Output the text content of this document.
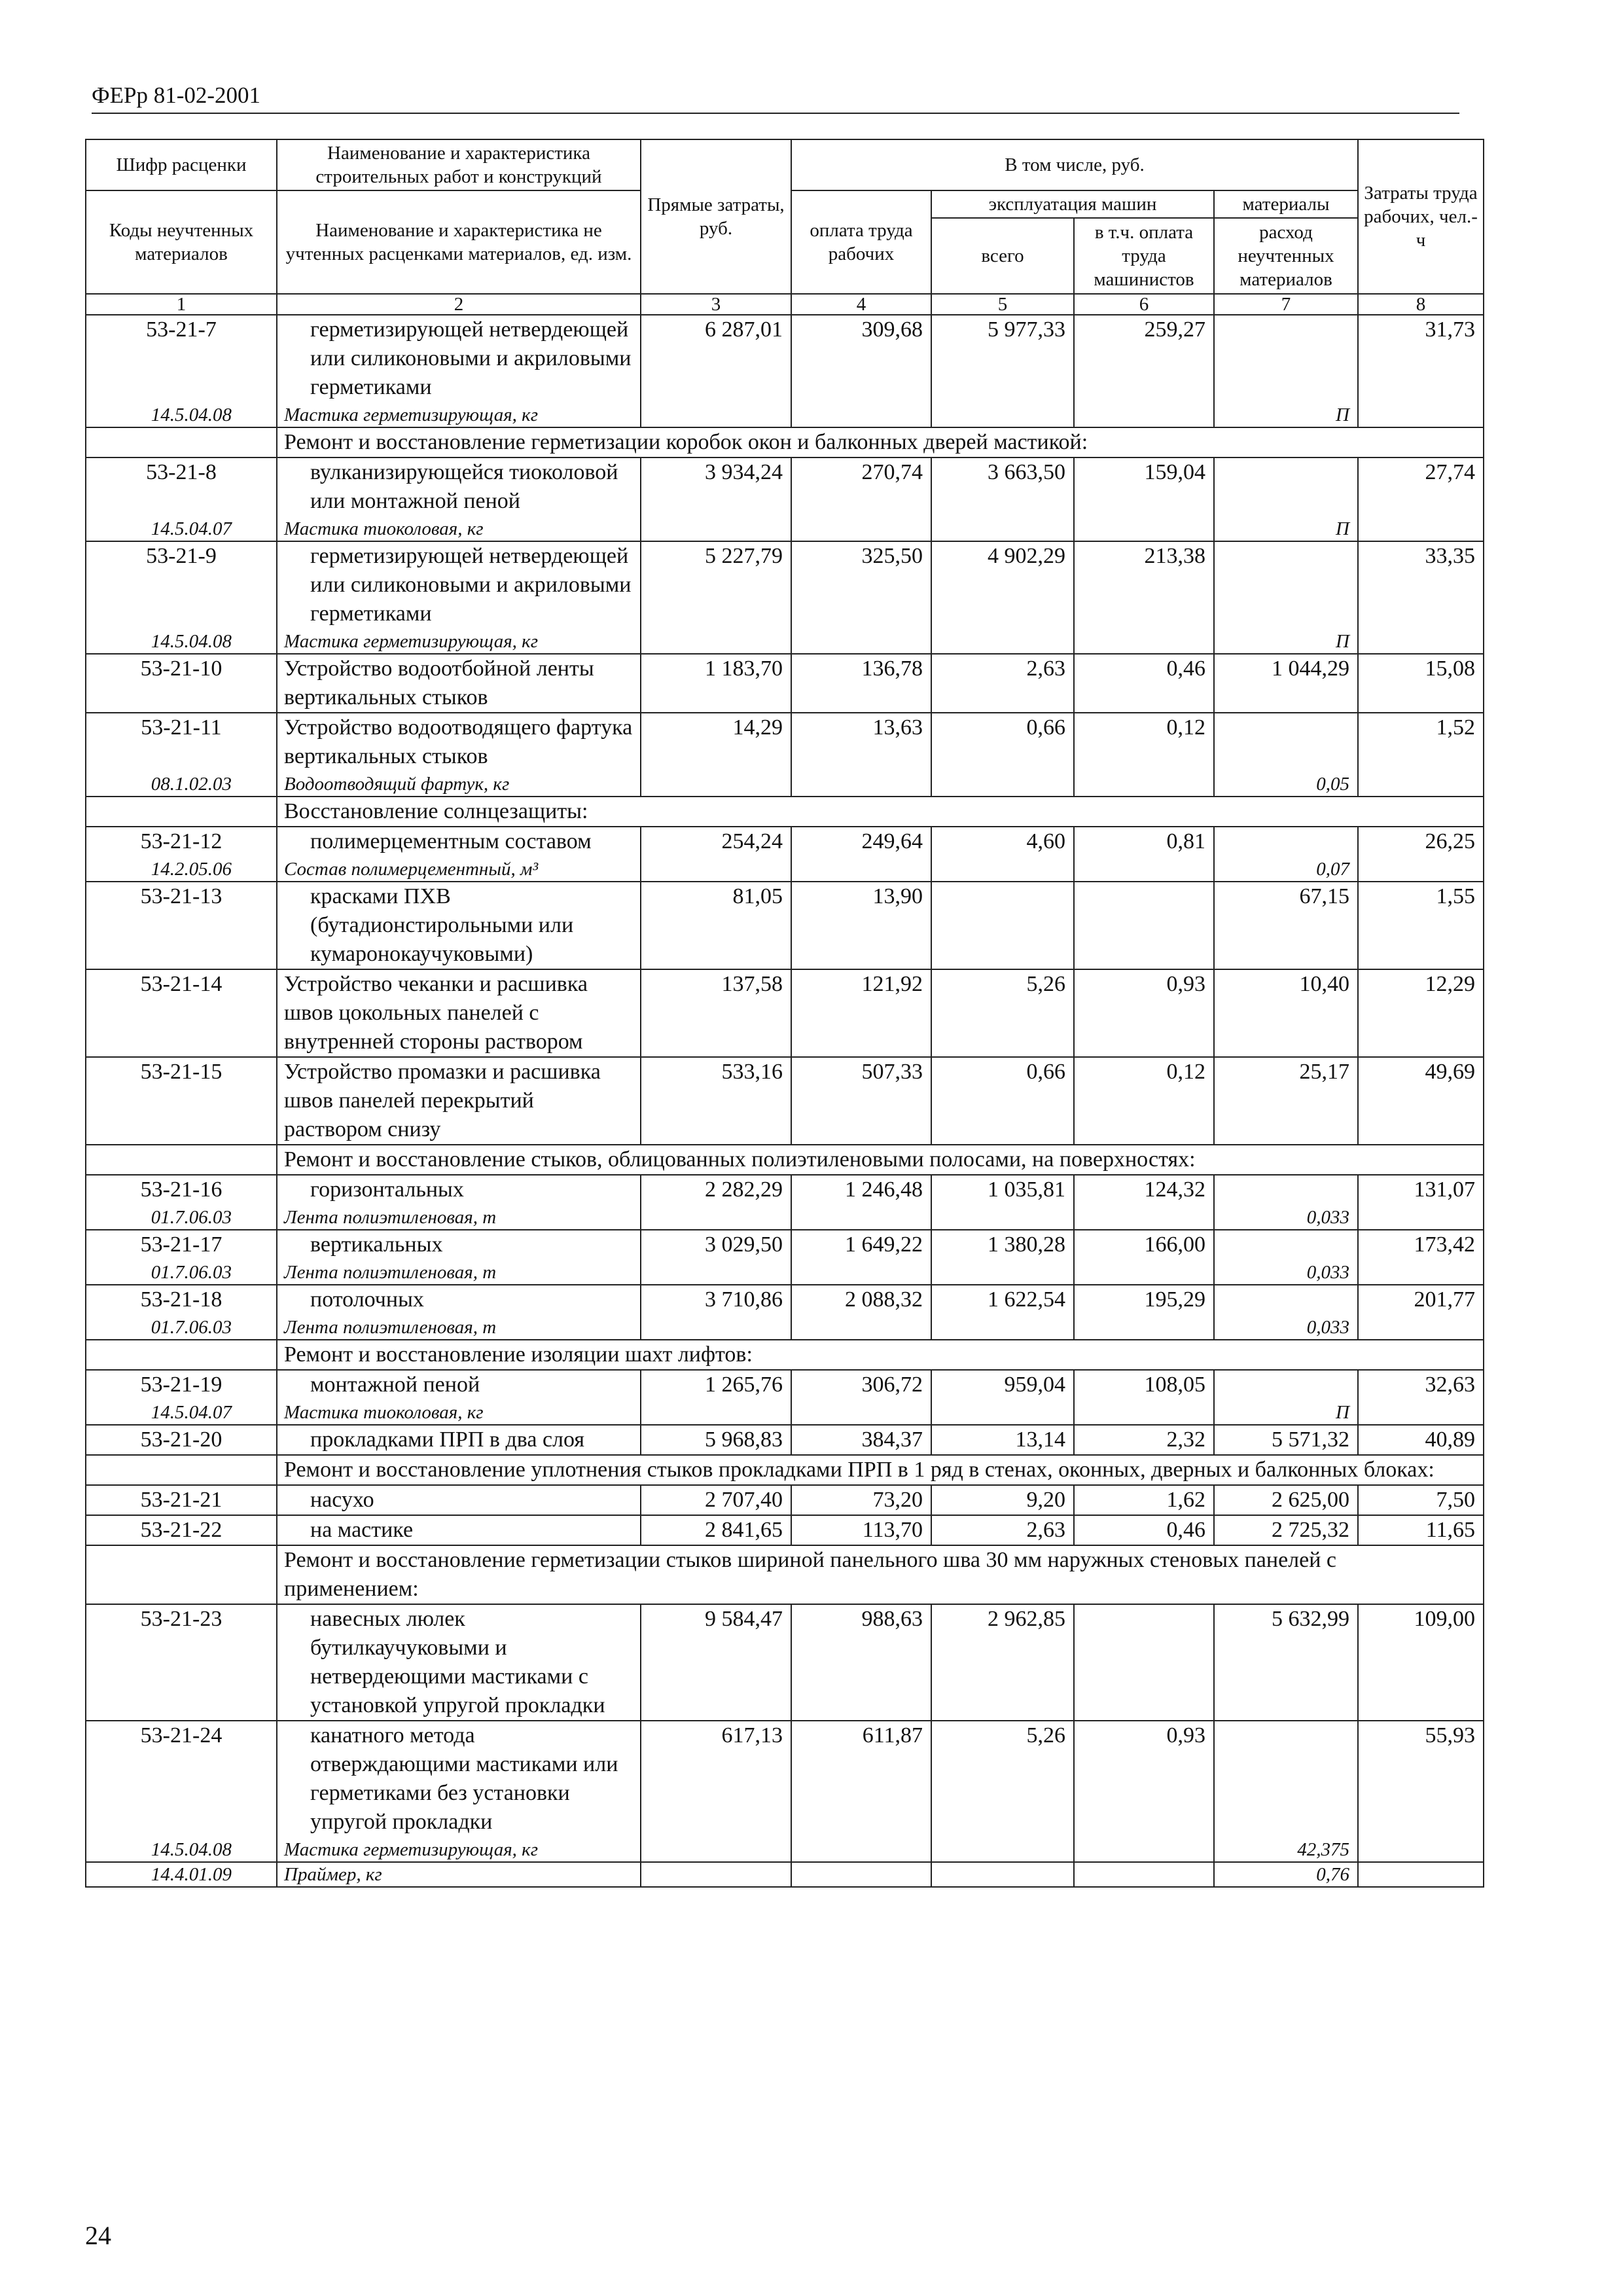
ФЕРр 81-02-2001
Шифр расценки	Наименование и характеристика строительных работ и конструкций	Прямые затраты, руб.	В том числе, руб.				Затраты труда рабочих, чел.-ч
Коды неучтенных материалов	Наименование и характеристика не учтенных расценками материалов, ед. изм.		оплата труда рабочих	эксплуатация машин		материалы	
				всего	в т.ч. оплата труда машинистов	расход неучтенных материалов	
1	2	3	4	5	6	7	8
53-21-7	герметизирующей нетвердеющей или силиконовыми и акриловыми герметиками	6 287,01	309,68	5 977,33	259,27		31,73
14.5.04.08	Мастика герметизирующая, кг					П	
	Ремонт и восстановление герметизации коробок окон и балконных дверей мастикой:						
53-21-8	вулканизирующейся тиоколовой или монтажной пеной	3 934,24	270,74	3 663,50	159,04		27,74
14.5.04.07	Мастика тиоколовая, кг					П	
53-21-9	герметизирующей нетвердеющей или силиконовыми и акриловыми герметиками	5 227,79	325,50	4 902,29	213,38		33,35
14.5.04.08	Мастика герметизирующая, кг					П	
53-21-10	Устройство водоотбойной ленты вертикальных стыков	1 183,70	136,78	2,63	0,46	1 044,29	15,08
53-21-11	Устройство водоотводящего фартука вертикальных стыков	14,29	13,63	0,66	0,12		1,52
08.1.02.03	Водоотводящий фартук, кг					0,05	
	Восстановление солнцезащиты:						
53-21-12	полимерцементным составом	254,24	249,64	4,60	0,81		26,25
14.2.05.06	Состав полимерцементный, м³					0,07	
53-21-13	красками ПХВ (бутадионстирольными или кумаронокаучуковыми)	81,05	13,90			67,15	1,55
53-21-14	Устройство чеканки и расшивка швов цокольных панелей с внутренней стороны раствором	137,58	121,92	5,26	0,93	10,40	12,29
53-21-15	Устройство промазки и расшивка швов панелей перекрытий раствором снизу	533,16	507,33	0,66	0,12	25,17	49,69
	Ремонт и восстановление стыков, облицованных полиэтиленовыми полосами, на поверхностях:						
53-21-16	горизонтальных	2 282,29	1 246,48	1 035,81	124,32		131,07
01.7.06.03	Лента полиэтиленовая, т					0,033	
53-21-17	вертикальных	3 029,50	1 649,22	1 380,28	166,00		173,42
01.7.06.03	Лента полиэтиленовая, т					0,033	
53-21-18	потолочных	3 710,86	2 088,32	1 622,54	195,29		201,77
01.7.06.03	Лента полиэтиленовая, т					0,033	
	Ремонт и восстановление изоляции шахт лифтов:						
53-21-19	монтажной пеной	1 265,76	306,72	959,04	108,05		32,63
14.5.04.07	Мастика тиоколовая, кг					П	
53-21-20	прокладками ПРП в два слоя	5 968,83	384,37	13,14	2,32	5 571,32	40,89
	Ремонт и восстановление уплотнения стыков прокладками ПРП в 1 ряд в стенах, оконных, дверных и балконных блоках:						
53-21-21	насухо	2 707,40	73,20	9,20	1,62	2 625,00	7,50
53-21-22	на мастике	2 841,65	113,70	2,63	0,46	2 725,32	11,65
	Ремонт и восстановление герметизации стыков шириной панельного шва 30 мм наружных стеновых панелей с применением:						
53-21-23	навесных люлек бутилкаучуковыми и нетвердеющими мастиками с установкой упругой прокладки	9 584,47	988,63	2 962,85		5 632,99	109,00
53-21-24	канатного метода отверждающими мастиками или герметиками без установки упругой прокладки	617,13	611,87	5,26	0,93		55,93
14.5.04.08	Мастика герметизирующая, кг					42,375	
14.4.01.09	Праймер, кг					0,76	
24
